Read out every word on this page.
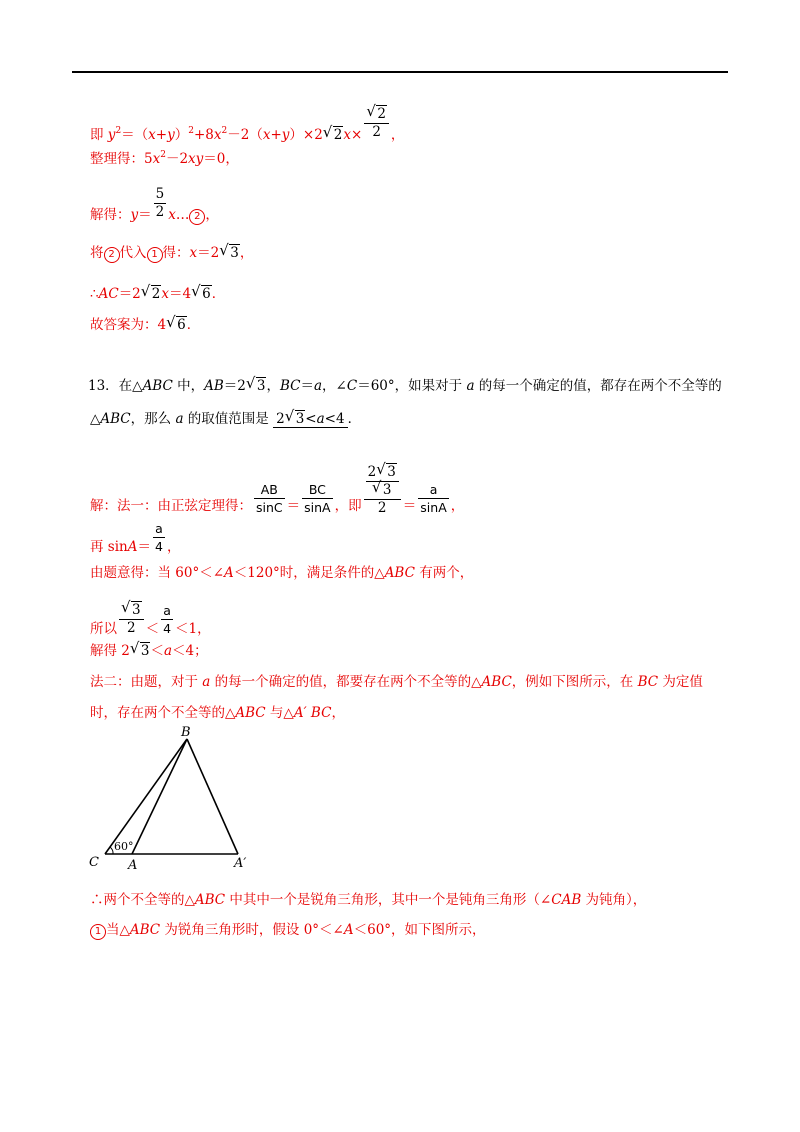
即 $y^2=(x+y)^2+8x^2-2(x+y)\times 2√$ 2x×
√ $\frac{2}{2}$ ，
整理得：$5x^2-2xy=0$，
解得：$y= \frac{5}{2}$ x… 2 ，
将 2 代入 1 得：x＝2√ 3，
∴AC＝2√ 2x＝4√ 6．
故答案为：4√ 6．
13．在△ABC 中，AB＝2√ 3，BC＝a，∠C＝60°，如果对于 a 的每一个确定的值，都存在两个不全等的
△ABC，那么 a 的取值范围是 2√ 3<a<4 ．
解：法一：由正弦定理得： $\frac{AB}{\sin C} = \frac{BC}{\sin A}$ ，即 2√ 3
√ 3
$2 = \frac{a}{\sin A}$ ，
再 $\sin A= \frac{a}{4}$ ，
由题意得：当 60°＜∠A＜120°时，满足条件的△ABC 有两个，
所以
√ $\frac{3}{2} < \frac{a}{4} <1$，
解得 2√ 3＜a＜4；
法二：由题，对于 a 的每一个确定的值，都要存在两个不全等的△ABC，例如下图所示，在 BC 为定值
时，存在两个不全等的△ABC 与△A′ BC，
B
C A	A′
60°
∴两个不全等的△ABC 中其中一个是锐角三角形，其中一个是钝角三角形（∠CAB 为钝角），
1 当△ABC 为锐角三角形时，假设 0°＜∠A＜60°，如下图所示，
